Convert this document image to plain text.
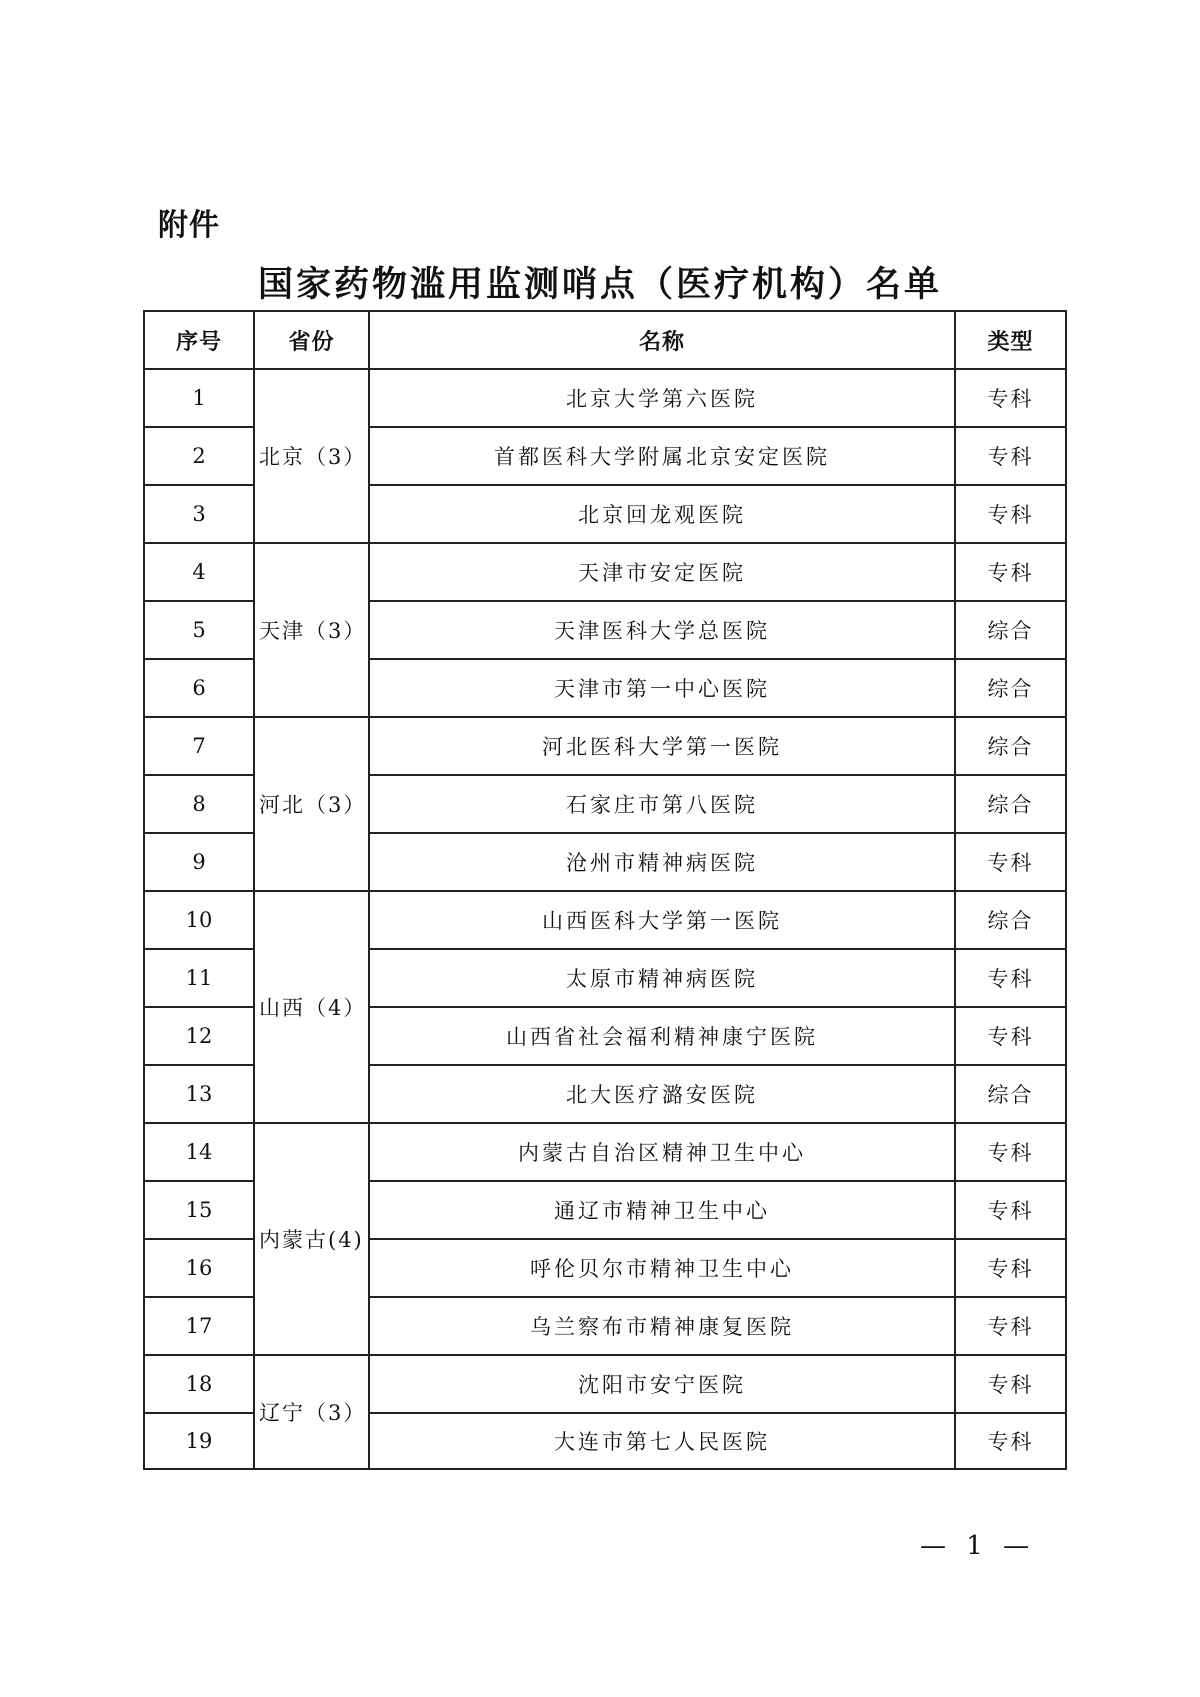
附件
国家药物滥用监测哨点（医疗机构）名单
序号	省份	名称	类型
1	北京（3）	北京大学第六医院	专科
2		首都医科大学附属北京安定医院	专科
3		北京回龙观医院	专科
4	天津（3）	天津市安定医院	专科
5		天津医科大学总医院	综合
6		天津市第一中心医院	综合
7	河北（3）	河北医科大学第一医院	综合
8		石家庄市第八医院	综合
9		沧州市精神病医院	专科
10	山西（4）	山西医科大学第一医院	综合
11		太原市精神病医院	专科
12		山西省社会福利精神康宁医院	专科
13		北大医疗潞安医院	综合
14	内蒙古(4)	内蒙古自治区精神卫生中心	专科
15		通辽市精神卫生中心	专科
16		呼伦贝尔市精神卫生中心	专科
17		乌兰察布市精神康复医院	专科
18	辽宁（3）	沈阳市安宁医院	专科
19		大连市第七人民医院	专科
— 1 —
